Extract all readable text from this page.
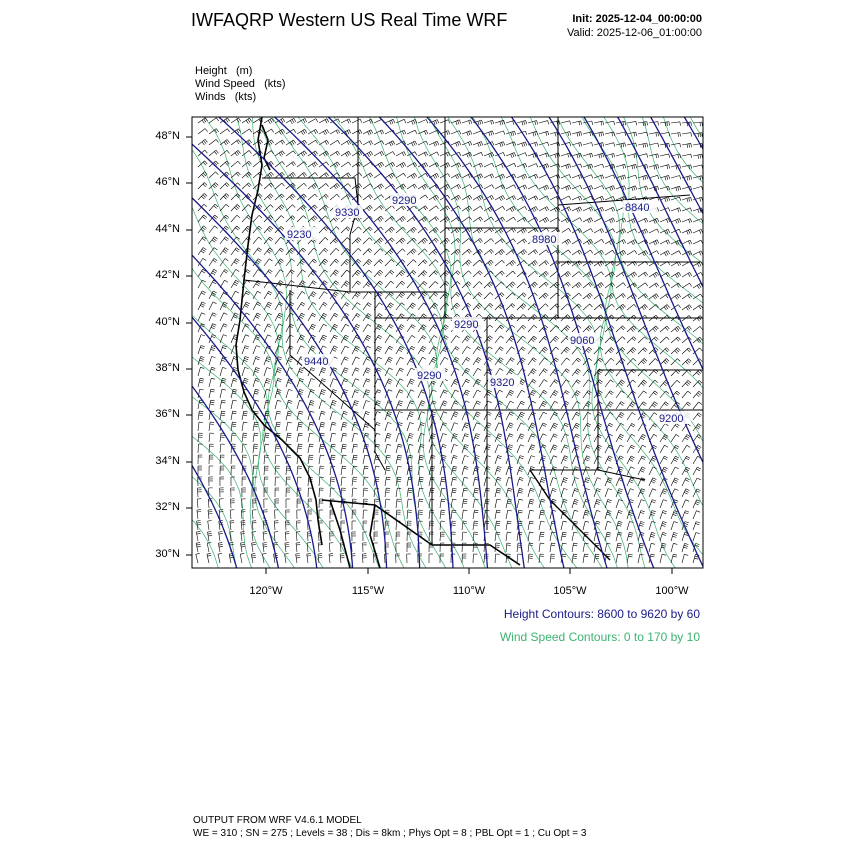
IWFAQRP Western US Real Time WRF	Init: 2025-12-04_00:00:00
Valid: 2025-12-06_01:00:00
Height (m)
Wind Speed (kts)
Winds (kts)
9230
9330
9290
9290
8980
9060
9290
9440
9320
9200
8840
48°N
46°N
44°N
42°N
40°N
38°N
36°N
34°N
32°N
30°N
120°W	115°W	110°W	105°W	100°W
Height Contours: 8600 to 9620 by 60
Wind Speed Contours: 0 to 170 by 10
OUTPUT FROM WRF V4.6.1 MODEL
WE = 310 ; SN = 275 ; Levels = 38 ; Dis = 8km ; Phys Opt = 8 ; PBL Opt = 1 ; Cu Opt = 3
